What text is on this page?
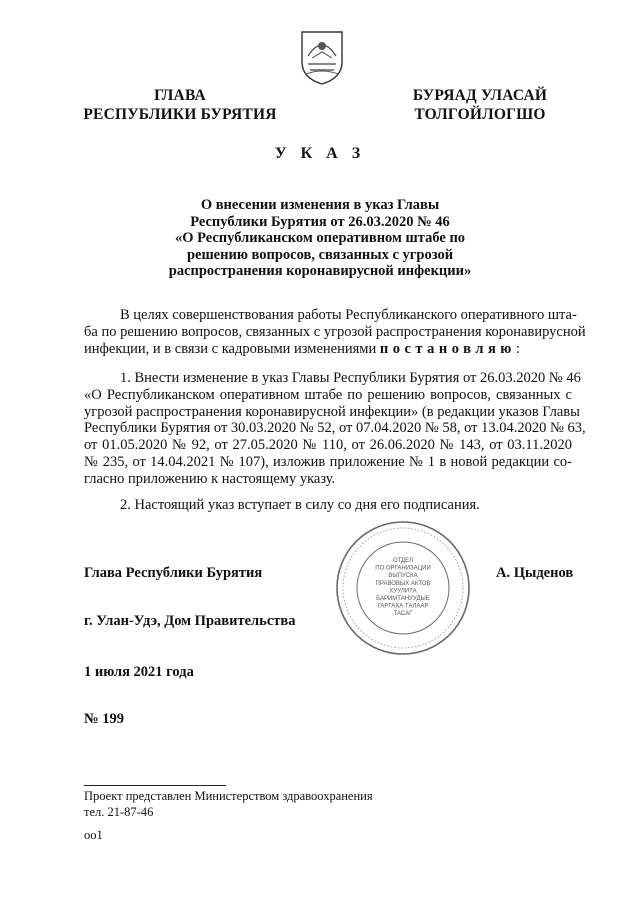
ГЛАВА
РЕСПУБЛИКИ БУРЯТИЯ
БУРЯАД УЛАСАЙ
ТОЛГОЙЛОГШО
У К А З
О внесении изменения в указ Главы
Республики Бурятия от 26.03.2020 № 46
«О Республиканском оперативном штабе по
решению вопросов, связанных с угрозой
распространения коронавирусной инфекции»
В целях совершенствования работы Республиканского оперативного шта-
ба по решению вопросов, связанных с угрозой распространения коронавирусной
инфекции, и в связи с кадровыми изменениями постановляю:
1. Внести изменение в указ Главы Республики Бурятия от 26.03.2020 № 46
«О Республиканском оперативном штабе по решению вопросов, связанных с
угрозой распространения коронавирусной инфекции» (в редакции указов Главы
Республики Бурятия от 30.03.2020 № 52, от 07.04.2020 № 58, от 13.04.2020 № 63,
от 01.05.2020 № 92, от 27.05.2020 № 110, от 26.06.2020 № 143, от 03.11.2020
№ 235, от 14.04.2021 № 107), изложив приложение № 1 в новой редакции со-
гласно приложению к настоящему указу.
2. Настоящий указ вступает в силу со дня его подписания.
ОТДЕЛ
ПО ОРГАНИЗАЦИИ
ВЫПУСКА
ПРАВОВЫХ АКТОВ
ХУУЛИТА
БАРИМТАНУУДЫЕ
ГАРГАХА ТАЛААР
ТАСАГ
Глава Республики Бурятия	А. Цыденов
г. Улан-Удэ, Дом Правительства
1 июля 2021 года
№ 199
Проект представлен Министерством здравоохранения
тел. 21-87-46
оо1
